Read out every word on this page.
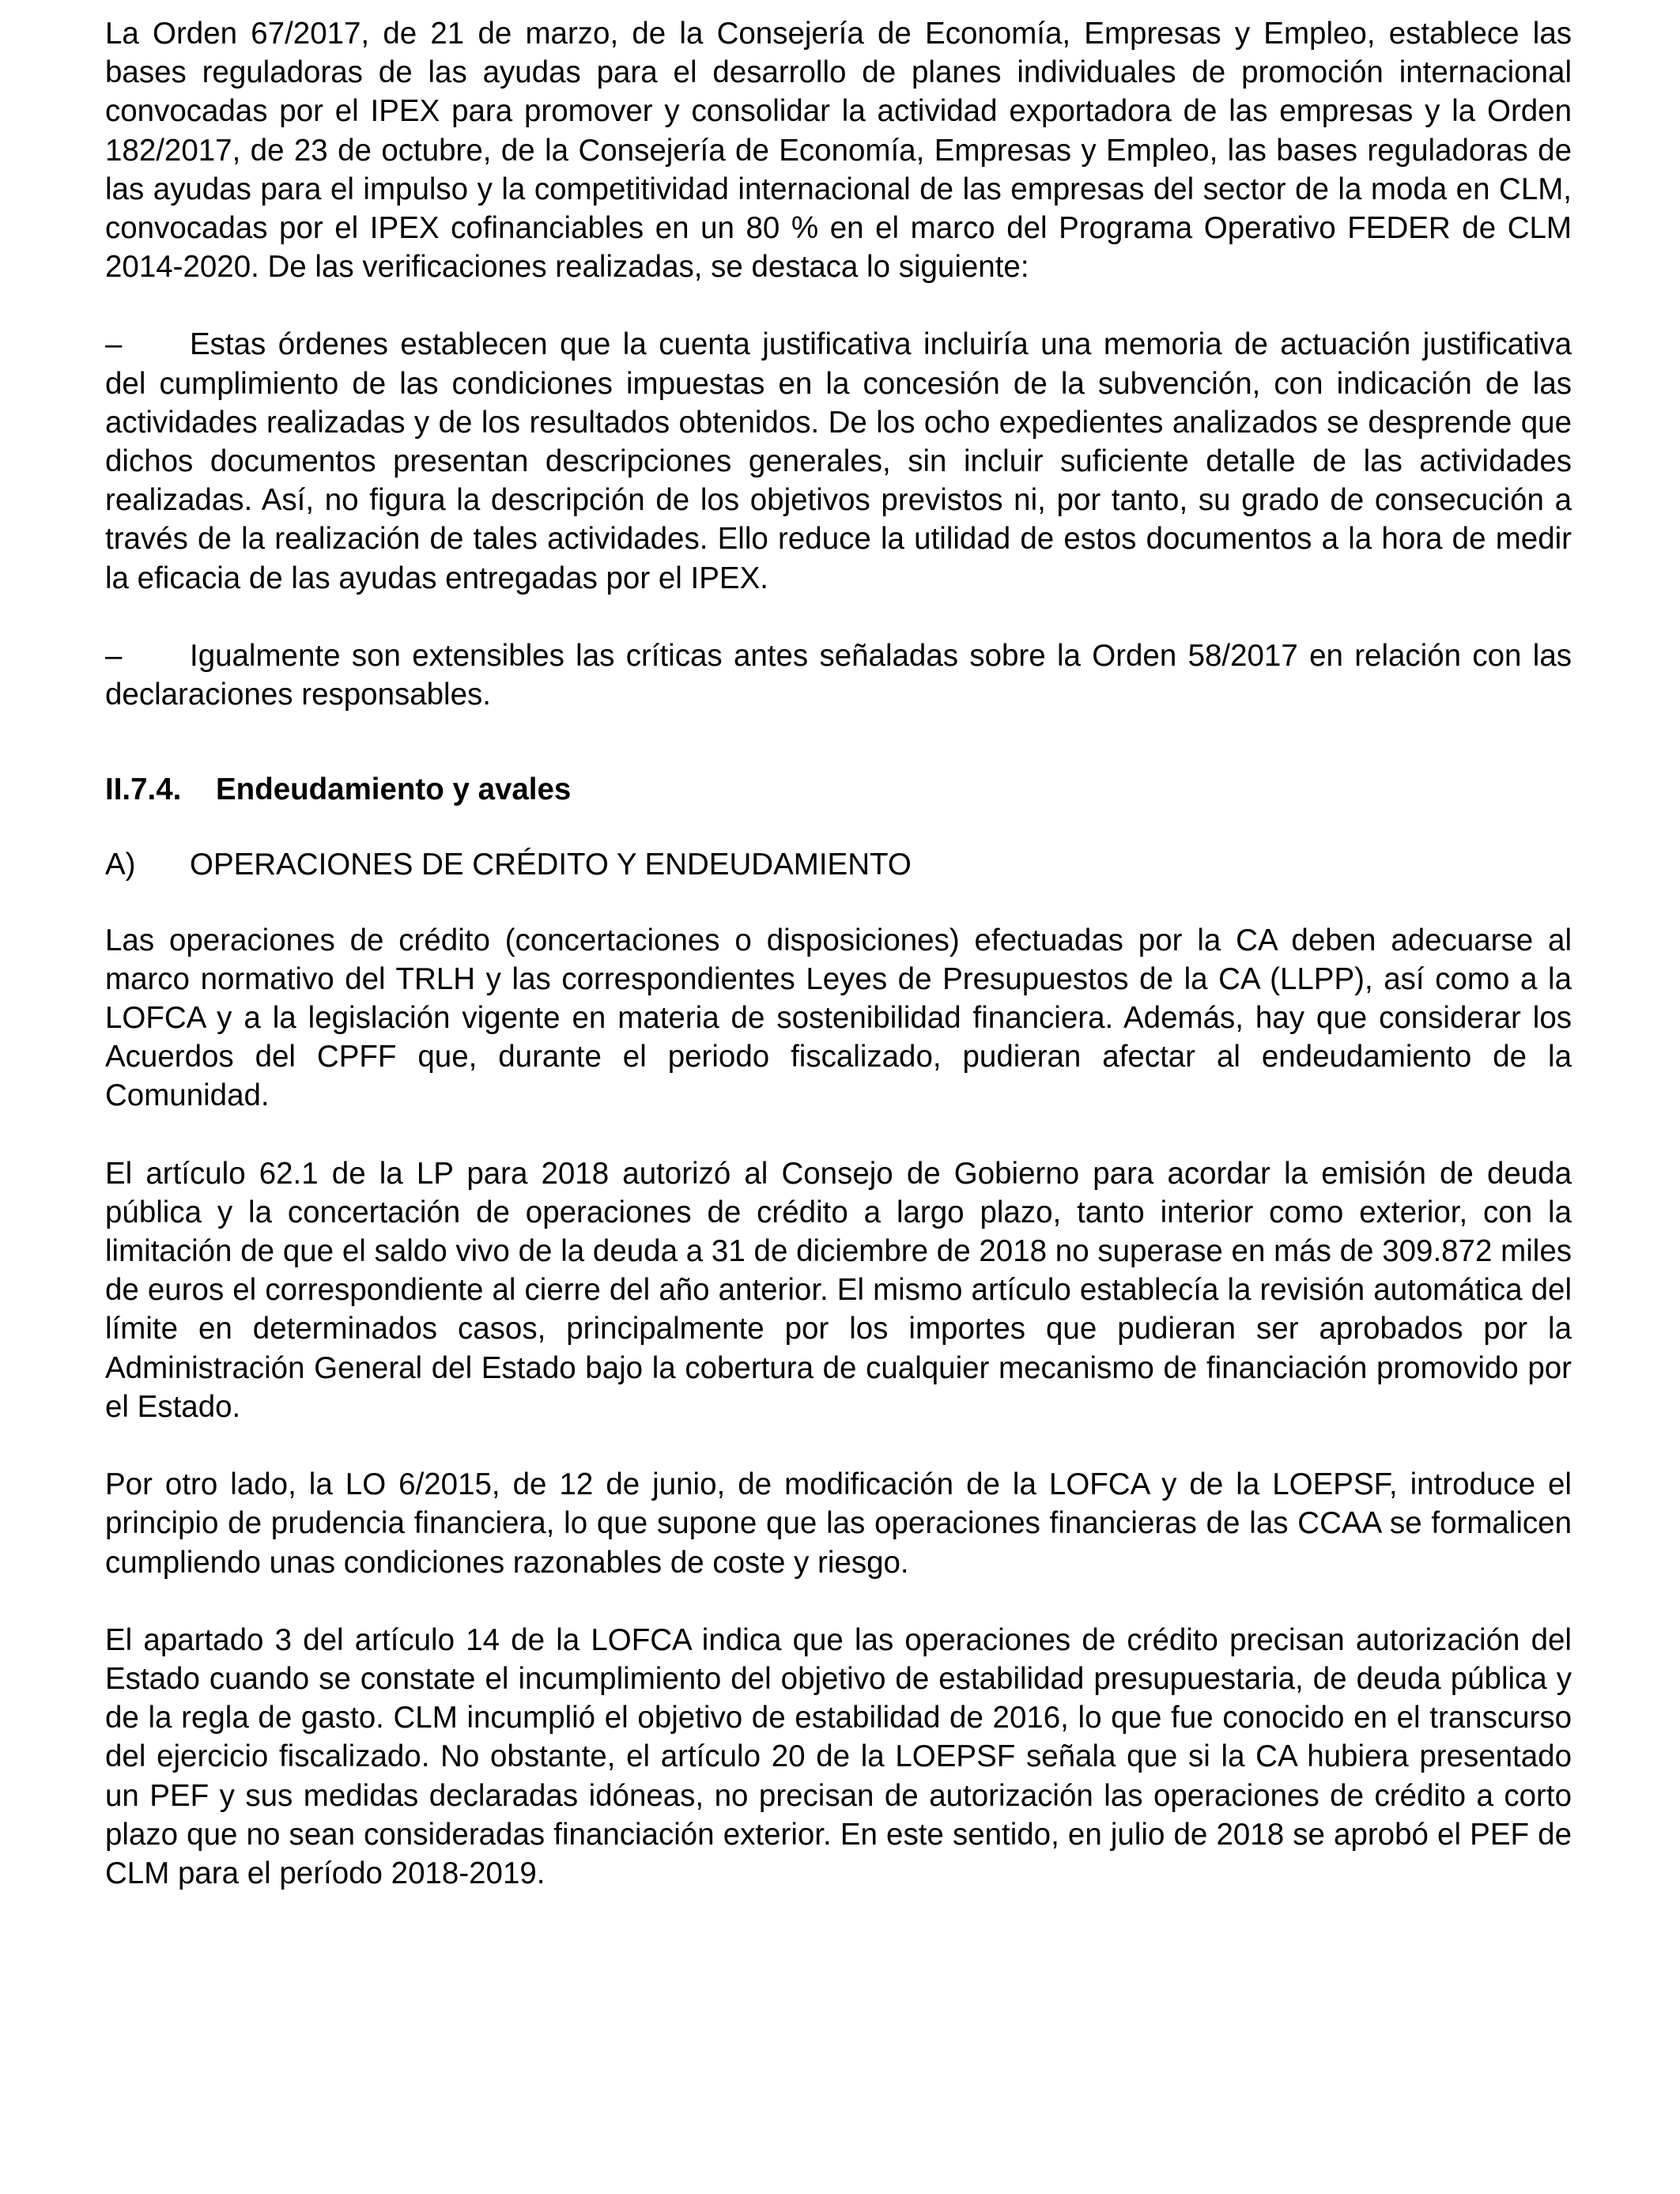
La Orden 67/2017, de 21 de marzo, de la Consejería de Economía, Empresas y Empleo, establece las bases reguladoras de las ayudas para el desarrollo de planes individuales de promoción internacional convocadas por el IPEX para promover y consolidar la actividad exportadora de las empresas y la Orden 182/2017, de 23 de octubre, de la Consejería de Economía, Empresas y Empleo, las bases reguladoras de las ayudas para el impulso y la competitividad internacional de las empresas del sector de la moda en CLM, convocadas por el IPEX cofinanciables en un 80 % en el marco del Programa Operativo FEDER de CLM 2014-2020. De las verificaciones realizadas, se destaca lo siguiente:

–	Estas órdenes establecen que la cuenta justificativa incluiría una memoria de actuación justificativa del cumplimiento de las condiciones impuestas en la concesión de la subvención, con indicación de las actividades realizadas y de los resultados obtenidos. De los ocho expedientes analizados se desprende que dichos documentos presentan descripciones generales, sin incluir suficiente detalle de las actividades realizadas. Así, no figura la descripción de los objetivos previstos ni, por tanto, su grado de consecución a través de la realización de tales actividades. Ello reduce la utilidad de estos documentos a la hora de medir la eficacia de las ayudas entregadas por el IPEX.

–	Igualmente son extensibles las críticas antes señaladas sobre la Orden 58/2017 en relación con las declaraciones responsables.

II.7.4.	Endeudamiento y avales
A)	OPERACIONES DE CRÉDITO Y ENDEUDAMIENTO

Las operaciones de crédito (concertaciones o disposiciones) efectuadas por la CA deben adecuarse al marco normativo del TRLH y las correspondientes Leyes de Presupuestos de la CA (LLPP), así como a la LOFCA y a la legislación vigente en materia de sostenibilidad financiera. Además, hay que considerar los Acuerdos del CPFF que, durante el periodo fiscalizado, pudieran afectar al endeudamiento de la Comunidad.

El artículo 62.1 de la LP para 2018 autorizó al Consejo de Gobierno para acordar la emisión de deuda pública y la concertación de operaciones de crédito a largo plazo, tanto interior como exterior, con la limitación de que el saldo vivo de la deuda a 31 de diciembre de 2018 no superase en más de 309.872 miles de euros el correspondiente al cierre del año anterior. El mismo artículo establecía la revisión automática del límite en determinados casos, principalmente por los importes que pudieran ser aprobados por la Administración General del Estado bajo la cobertura de cualquier mecanismo de financiación promovido por el Estado.

Por otro lado, la LO 6/2015, de 12 de junio, de modificación de la LOFCA y de la LOEPSF, introduce el principio de prudencia financiera, lo que supone que las operaciones financieras de las CCAA se formalicen cumpliendo unas condiciones razonables de coste y riesgo.

El apartado 3 del artículo 14 de la LOFCA indica que las operaciones de crédito precisan autorización del Estado cuando se constate el incumplimiento del objetivo de estabilidad presupuestaria, de deuda pública y de la regla de gasto. CLM incumplió el objetivo de estabilidad de 2016, lo que fue conocido en el transcurso del ejercicio fiscalizado. No obstante, el artículo 20 de la LOEPSF señala que si la CA hubiera presentado un PEF y sus medidas declaradas idóneas, no precisan de autorización las operaciones de crédito a corto plazo que no sean consideradas financiación exterior. En este sentido, en julio de 2018 se aprobó el PEF de CLM para el período 2018-2019.
